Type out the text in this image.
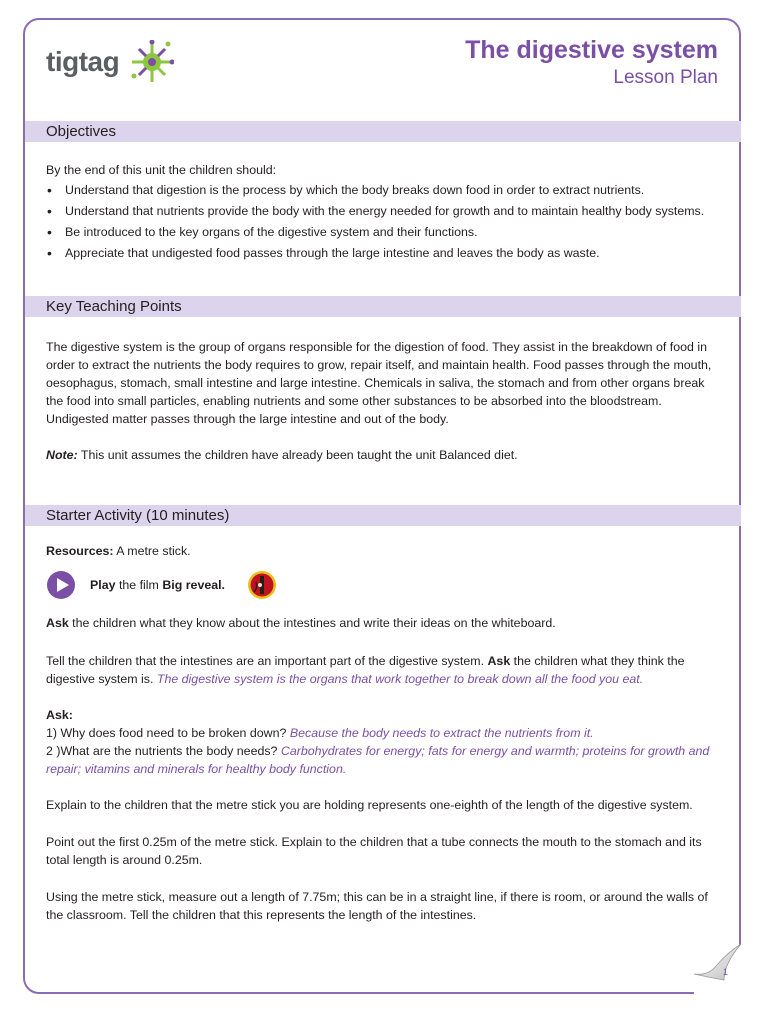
tigtag	The digestive system
Lesson Plan
Objectives

By the end of this unit the children should:

• Understand that digestion is the process by which the body breaks down food in order to extract nutrients.
• Understand that nutrients provide the body with the energy needed for growth and to maintain healthy body systems.
• Be introduced to the key organs of the digestive system and their functions.
• Appreciate that undigested food passes through the large intestine and leaves the body as waste.
Key Teaching Points

The digestive system is the group of organs responsible for the digestion of food. They assist in the breakdown of food in order to extract the nutrients the body requires to grow, repair itself, and maintain health. Food passes through the mouth, oesophagus, stomach, small intestine and large intestine. Chemicals in saliva, the stomach and from other organs break the food into small particles, enabling nutrients and some other substances to be absorbed into the bloodstream. Undigested matter passes through the large intestine and out of the body.

Note: This unit assumes the children have already been taught the unit Balanced diet.

Starter Activity (10 minutes)

Resources: A metre stick.

Play the film Big reveal.

Ask the children what they know about the intestines and write their ideas on the whiteboard.

Tell the children that the intestines are an important part of the digestive system. Ask the children what they think the digestive system is. The digestive system is the organs that work together to break down all the food you eat.

Ask:

1) Why does food need to be broken down? Because the body needs to extract the nutrients from it.

2 )What are the nutrients the body needs? Carbohydrates for energy; fats for energy and warmth; proteins for growth and repair; vitamins and minerals for healthy body function.

Explain to the children that the metre stick you are holding represents one-eighth of the length of the digestive system.

Point out the first 0.25m of the metre stick. Explain to the children that a tube connects the mouth to the stomach and its total length is around 0.25m.

Using the metre stick, measure out a length of 7.75m; this can be in a straight line, if there is room, or around the walls of the classroom. Tell the children that this represents the length of the intestines.

1
